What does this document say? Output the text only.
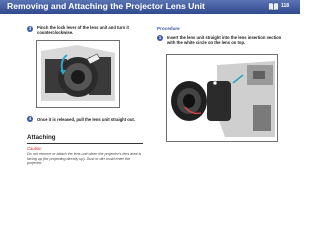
Removing and Attaching the Projector Lens Unit	118
3	Pinch the lock lever of the lens unit and turn it counterclockwise.
4	Once it is released, pull the lens unit straight out.
Attaching
Caution
Do not remove or attach the lens unit when the projector's lens area is facing up (for projecting directly up). Dust or dirt could enter the projector.
Procedure
1	Insert the lens unit straight into the lens insertion section with the white circle on the lens on top.
